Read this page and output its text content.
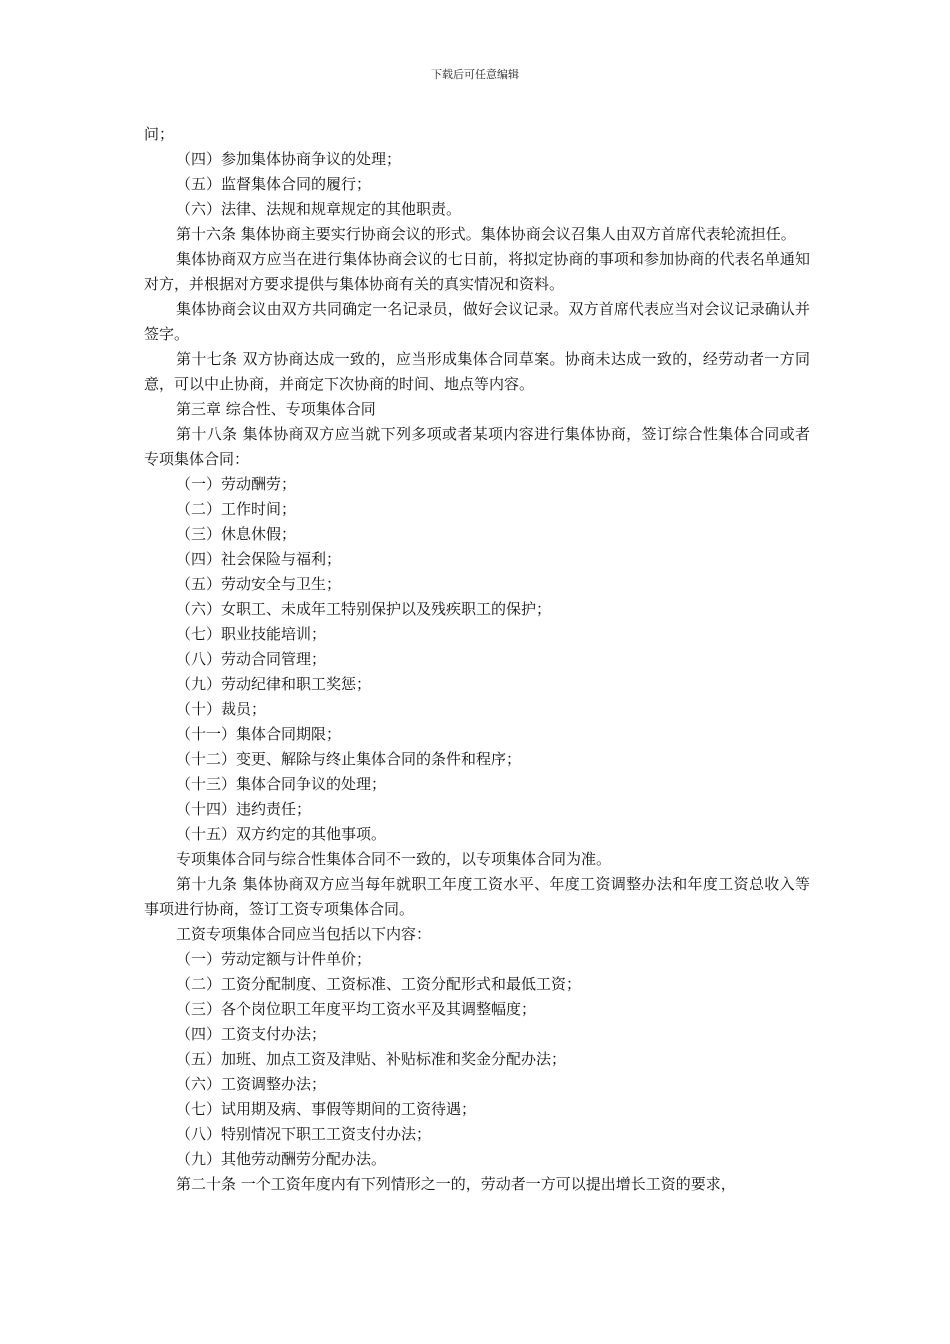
下载后可任意编辑

问；

（四）参加集体协商争议的处理；

（五）监督集体合同的履行；

（六）法律、法规和规章规定的其他职责。

第十六条 集体协商主要实行协商会议的形式。集体协商会议召集人由双方首席代表轮流担任。

集体协商双方应当在进行集体协商会议的七日前，将拟定协商的事项和参加协商的代表名单通知对方，并根据对方要求提供与集体协商有关的真实情况和资料。

集体协商会议由双方共同确定一名记录员，做好会议记录。双方首席代表应当对会议记录确认并签字。

第十七条 双方协商达成一致的，应当形成集体合同草案。协商未达成一致的，经劳动者一方同意，可以中止协商，并商定下次协商的时间、地点等内容。

第三章 综合性、专项集体合同

第十八条 集体协商双方应当就下列多项或者某项内容进行集体协商，签订综合性集体合同或者专项集体合同：

（一）劳动酬劳；

（二）工作时间；

（三）休息休假；

（四）社会保险与福利；

（五）劳动安全与卫生；

（六）女职工、未成年工特别保护以及残疾职工的保护；

（七）职业技能培训；

（八）劳动合同管理；

（九）劳动纪律和职工奖惩；

（十）裁员；

（十一）集体合同期限；

（十二）变更、解除与终止集体合同的条件和程序；

（十三）集体合同争议的处理；

（十四）违约责任；

（十五）双方约定的其他事项。

专项集体合同与综合性集体合同不一致的，以专项集体合同为准。

第十九条 集体协商双方应当每年就职工年度工资水平、年度工资调整办法和年度工资总收入等事项进行协商，签订工资专项集体合同。

工资专项集体合同应当包括以下内容：

（一）劳动定额与计件单价；

（二）工资分配制度、工资标准、工资分配形式和最低工资；

（三）各个岗位职工年度平均工资水平及其调整幅度；

（四）工资支付办法；

（五）加班、加点工资及津贴、补贴标准和奖金分配办法；

（六）工资调整办法；

（七）试用期及病、事假等期间的工资待遇；

（八）特别情况下职工工资支付办法；

（九）其他劳动酬劳分配办法。

第二十条 一个工资年度内有下列情形之一的，劳动者一方可以提出增长工资的要求，
